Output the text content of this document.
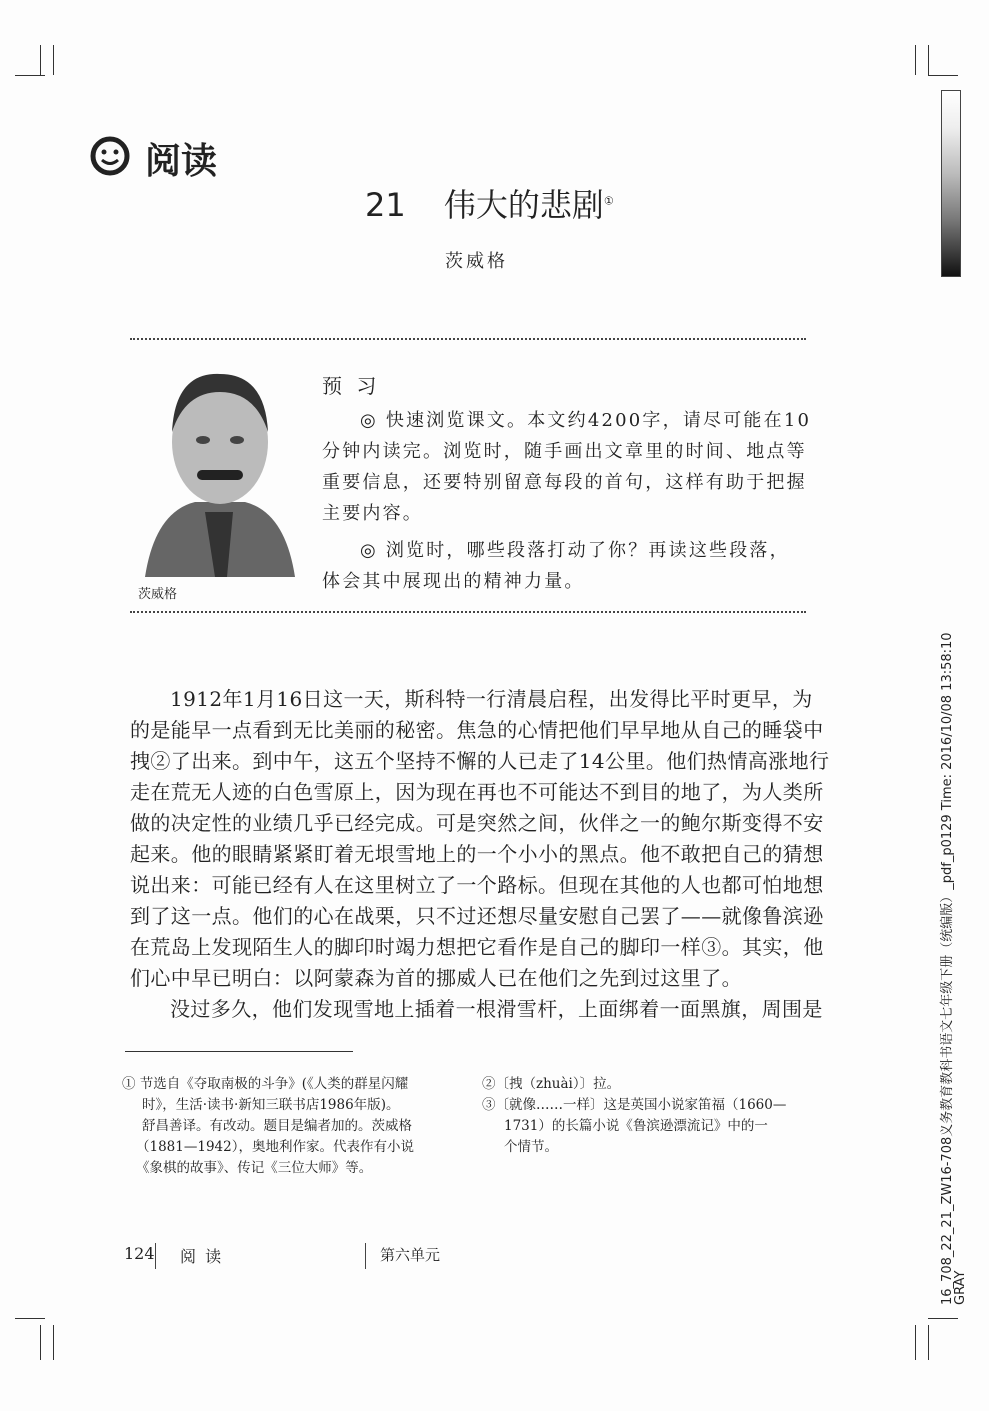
阅读
21 伟大的悲剧①
茨威格
茨威格
预 习
◎ 快速浏览课文。本文约4200字，请尽可能在10
分钟内读完。浏览时，随手画出文章里的时间、地点等
重要信息，还要特别留意每段的首句，这样有助于把握
主要内容。
◎ 浏览时，哪些段落打动了你？再读这些段落，
体会其中展现出的精神力量。
1912年1月16日这一天，斯科特一行清晨启程，出发得比平时更早，为
的是能早一点看到无比美丽的秘密。焦急的心情把他们早早地从自己的睡袋中
拽②了出来。到中午，这五个坚持不懈的人已走了14公里。他们热情高涨地行
走在荒无人迹的白色雪原上，因为现在再也不可能达不到目的地了，为人类所
做的决定性的业绩几乎已经完成。可是突然之间，伙伴之一的鲍尔斯变得不安
起来。他的眼睛紧紧盯着无垠雪地上的一个小小的黑点。他不敢把自己的猜想
说出来：可能已经有人在这里树立了一个路标。但现在其他的人也都可怕地想
到了这一点。他们的心在战栗，只不过还想尽量安慰自己罢了——就像鲁滨逊
在荒岛上发现陌生人的脚印时竭力想把它看作是自己的脚印一样③。其实，他
们心中早已明白：以阿蒙森为首的挪威人已在他们之先到过这里了。
没过多久，他们发现雪地上插着一根滑雪杆，上面绑着一面黑旗，周围是
① 节选自《夺取南极的斗争》(《人类的群星闪耀
时》，生活·读书·新知三联书店1986年版)。
舒昌善译。有改动。题目是编者加的。茨威格
（1881—1942），奥地利作家。代表作有小说
《象棋的故事》、传记《三位大师》等。
②〔拽（zhuài）〕拉。
③〔就像……一样〕这是英国小说家笛福（1660—
1731）的长篇小说《鲁滨逊漂流记》中的一
个情节。
124 阅 读	第六单元	16_708_22_21_ZW16-708义务教育教科书语文七年级下册（统编版）_pdf_p0129 Time: 2016/10/08 13:58:10
GRAY
